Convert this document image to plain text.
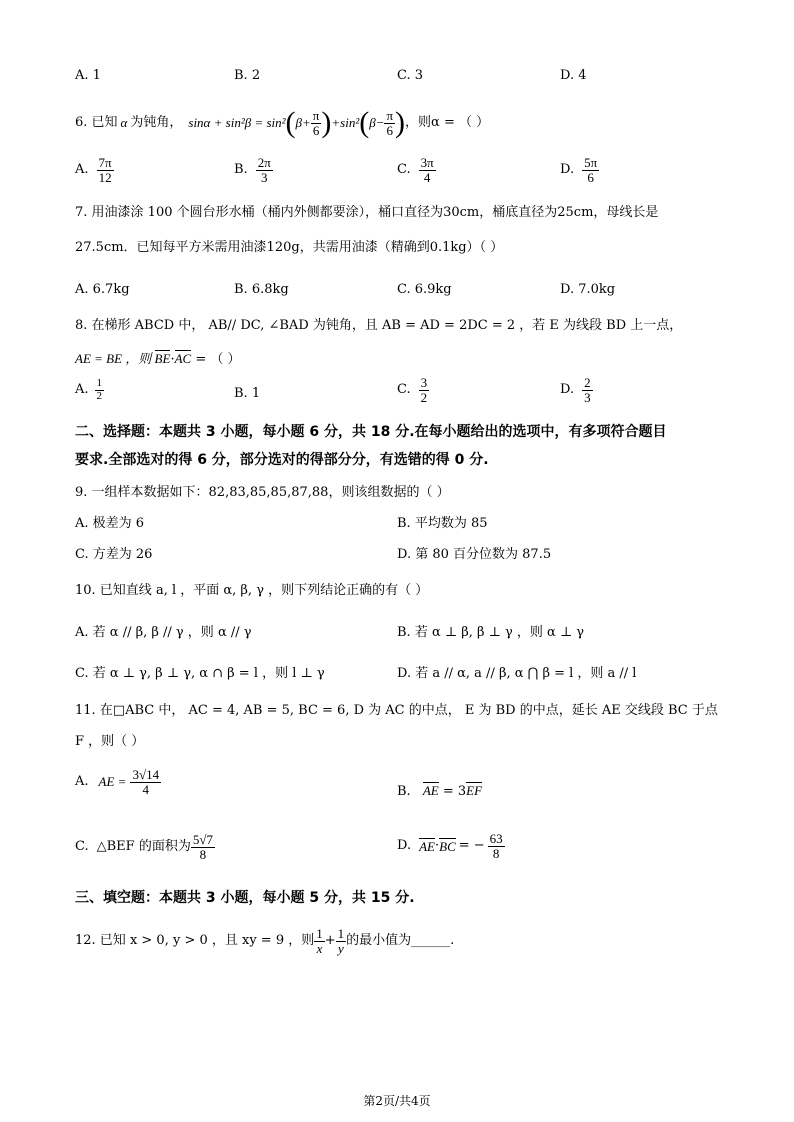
A. 1	B. 2	C. 3	D. 4
6. 已知 α 为钝角， sinα + sin²β = sin² ( $\beta+ \frac{\pi}{6}$ ) +sin² ( $\beta- \frac{\pi}{6}$ ) ，则α = （ ）
A. $\frac{7\pi}{12}$	B. $\frac{2\pi}{3}$	C. $\frac{3\pi}{4}$	D. $\frac{5\pi}{6}$
7. 用油漆涂 100 个圆台形水桶（桶内外侧都要涂），桶口直径为30cm，桶底直径为25cm，母线长是
27.5cm．已知每平方米需用油漆120g，共需用油漆（精确到0.1kg）（ ）
A. 6.7kg	B. 6.8kg	C. 6.9kg	D. 7.0kg
8. 在梯形 ABCD 中， AB// DC, ∠BAD 为钝角，且 AB = AD = 2DC = 2 ，若 E 为线段 BD 上一点，
AE = BE ，则 BE·AC = （ ）
A. $\frac{1}{2}$	B. 1	C. $\frac{3}{2}$	D. $\frac{2}{3}$
二、选择题：本题共 3 小题，每小题 6 分，共 18 分.在每小题给出的选项中，有多项符合题目
要求.全部选对的得 6 分，部分选对的得部分分，有选错的得 0 分.
9. 一组样本数据如下：82,83,85,85,87,88，则该组数据的（ ）
A. 极差为 6	B. 平均数为 85
C. 方差为 26	D. 第 80 百分位数为 87.5
10. 已知直线 a, l ，平面 α, β, γ ，则下列结论正确的有（ ）
A. 若 α // β, β // γ ，则 α // γ	B. 若 α ⊥ β, β ⊥ γ ，则 α ⊥ γ
C. 若 α ⊥ γ, β ⊥ γ, α ∩ β = l ，则 l ⊥ γ	D. 若 a // α, a // β, α ⋂ β = l ，则 a // l
11. 在□ABC 中， AC = 4, AB = 5, BC = 6, D 为 AC 的中点， E 为 BD 的中点，延长 AE 交线段 BC 于点
F ，则（ ）
A. AE = $\frac{3√14}{4}$	B. AE = 3EF
C. △BEF 的面积为 $\frac{5√7}{8}$	D. AE · BC = − $\frac{63}{8}$
三、填空题：本题共 3 小题，每小题 5 分，共 15 分.
12. 已知 x > 0, y > 0 ，且 xy = 9 ，则 $\frac{1}{x} + \frac{1}{y}$ 的最小值为______.
第2页/共4页
